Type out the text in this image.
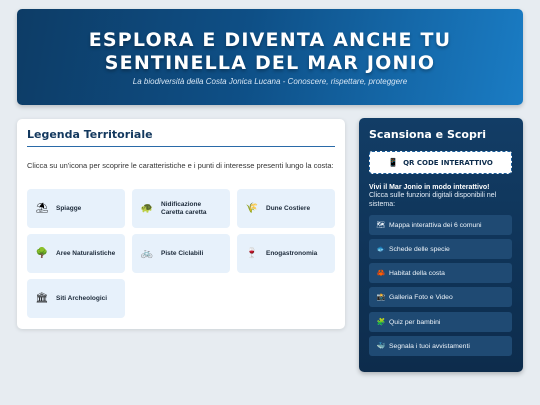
ESPLORA E DIVENTA ANCHE TU
SENTINELLA DEL MAR JONIO
La biodiversità della Costa Jonica Lucana - Conoscere, rispettare, proteggere
Legenda Territoriale
Clicca su un'icona per scoprire le caratteristiche e i punti di interesse presenti lungo la costa:
⛱	Spiagge	🐢	Nidificazione Caretta caretta	🌾	Dune Costiere
🌳	Aree Naturalistiche	🚲	Piste Ciclabili	🍷	Enogastronomia
🏛	Siti Archeologici
Scansiona e Scopri
📱 QR CODE INTERATTIVO
Vivi il Mar Jonio in modo interattivo!
Clicca sulle funzioni digitali disponibili nel sistema:
🗺 Mappa interattiva dei 6 comuni
🐟 Schede delle specie
🦀 Habitat della costa
📸 Galleria Foto e Video
🧩 Quiz per bambini
🐳 Segnala i tuoi avvistamenti
